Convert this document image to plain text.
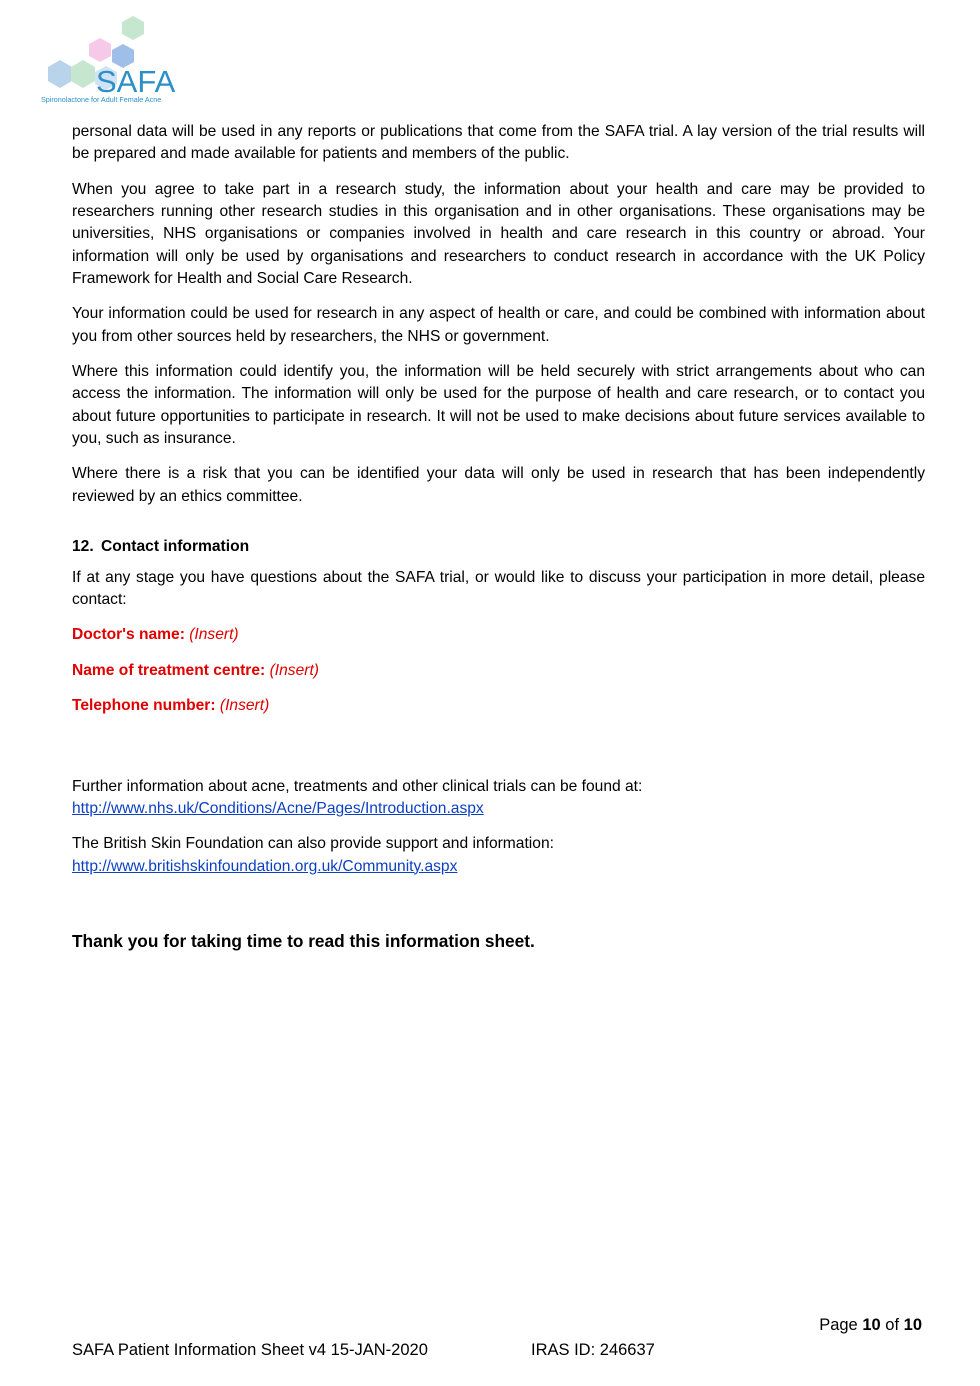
SAFA
Spironolactone for Adult Female Acne

personal data will be used in any reports or publications that come from the SAFA trial. A lay version of the trial results will be prepared and made available for patients and members of the public.

When you agree to take part in a research study, the information about your health and care may be provided to researchers running other research studies in this organisation and in other organisations. These organisations may be universities, NHS organisations or companies involved in health and care research in this country or abroad. Your information will only be used by organisations and researchers to conduct research in accordance with the UK Policy Framework for Health and Social Care Research.

Your information could be used for research in any aspect of health or care, and could be combined with information about you from other sources held by researchers, the NHS or government.

Where this information could identify you, the information will be held securely with strict arrangements about who can access the information. The information will only be used for the purpose of health and care research, or to contact you about future opportunities to participate in research. It will not be used to make decisions about future services available to you, such as insurance.

Where there is a risk that you can be identified your data will only be used in research that has been independently reviewed by an ethics committee.

12. Contact information

If at any stage you have questions about the SAFA trial, or would like to discuss your participation in more detail, please contact:

Doctor's name: (Insert)
Name of treatment centre: (Insert)
Telephone number: (Insert)

Further information about acne, treatments and other clinical trials can be found at:
http://www.nhs.uk/Conditions/Acne/Pages/Introduction.aspx

The British Skin Foundation can also provide support and information:
http://www.britishskinfoundation.org.uk/Community.aspx

Thank you for taking time to read this information sheet.
Page 10 of 10
SAFA Patient Information Sheet v4 15-JAN-2020	IRAS ID: 246637
